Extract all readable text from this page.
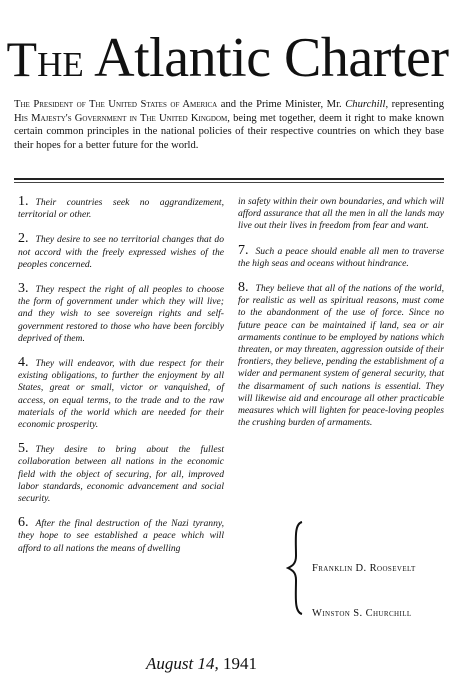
The Atlantic Charter
The President of The United States of America and the Prime Minister, Mr. Churchill, representing His Majesty's Government in The United Kingdom, being met together, deem it right to make known certain common principles in the national policies of their respective countries on which they base their hopes for a better future for the world.

1. Their countries seek no aggrandizement, territorial or other.

2. They desire to see no territorial changes that do not accord with the freely expressed wishes of the peoples concerned.

3. They respect the right of all peoples to choose the form of government under which they will live; and they wish to see sovereign rights and self-government restored to those who have been forcibly deprived of them.

4. They will endeavor, with due respect for their existing obligations, to further the enjoyment by all States, great or small, victor or vanquished, of access, on equal terms, to the trade and to the raw materials of the world which are needed for their economic prosperity.

5. They desire to bring about the fullest collaboration between all nations in the economic field with the object of securing, for all, improved labor standards, economic advancement and social security.

6. After the final destruction of the Nazi tyranny, they hope to see established a peace which will afford to all nations the means of dwelling

in safety within their own boundaries, and which will afford assurance that all the men in all the lands may live out their lives in freedom from fear and want.

7. Such a peace should enable all men to traverse the high seas and oceans without hindrance.

8. They believe that all of the nations of the world, for realistic as well as spiritual reasons, must come to the abandonment of the use of force. Since no future peace can be maintained if land, sea or air armaments continue to be employed by nations which threaten, or may threaten, aggression outside of their frontiers, they believe, pending the establishment of a wider and permanent system of general security, that the disarmament of such nations is essential. They will likewise aid and encourage all other practicable measures which will lighten for peace-loving peoples the crushing burden of armaments.

Franklin D. Roosevelt
Winston S. Churchill
August 14, 1941
